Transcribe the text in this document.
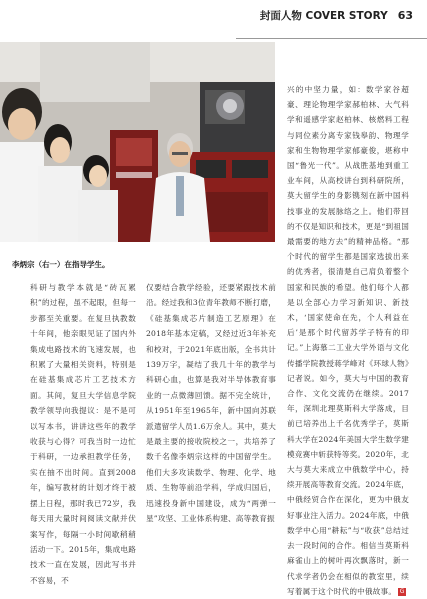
封面人物 COVER STORY 63
李炳宗（右一）在指导学生。
科研与教学本就是“砖瓦累积”的过程，虽不起眼，但每一步都至关重要。在复旦执教数十年间，他亲眼见证了国内外集成电路技术的飞速发展，也积累了大量相关资料，特别是在硅基集成芯片工艺技术方面。其间，复旦大学信息学院教学领导向我提议：是不是可以写本书，讲讲这些年的教学收获与心得？可我当时一边忙于科研，一边承担教学任务，实在抽不出时间。直到2008年，编写教材的计划才终于被摆上日程，那时我已72岁，我每天用大量时间阅读文献并伏案写作，每隔一小时间歇稍稍活动一下。2015年，集成电路技术一直在发展，因此写书并不容易，不
仅要结合教学经验，还要紧跟技术前沿。经过我和3位青年教师不断打磨，《硅基集成芯片制造工艺原理》在2018年基本定稿，又经过近3年补充和校对，于2021年底出版，全书共计139万字，凝结了我几十年的教学与科研心血，也算是我对半导体教育事业的一点微薄回馈。据不完全统计，从1951年至1965年，新中国向苏联派遣留学人员1.6万余人。其中，莫大是最主要的接收院校之一，共培养了数千名像李炳宗这样的中国留学生。他们大多攻读数学、物理、化学、地质、生物等前沿学科，学成归国后，迅速投身新中国建设，成为“两弹一星”攻坚、工业体系构建、高等教育振
兴的中坚力量，如：数学家谷超豪、理论物理学家郝柏林、大气科学和遥感学家赵柏林、核燃料工程与同位素分离专家钱皋韵、物理学家和生物物理学家郁豪俊，堪称中国“鲁光一代”。从战胜基地到重工业车间，从高校讲台到科研院所，莫大留学生的身影镌刻在新中国科技事业的发展脉络之上。他们带回的不仅是知识和技术，更是“到祖国最需要的地方去”的精神品格。“那个时代的留学生都是国家选拔出来的优秀者，很清楚自己肩负着整个国家和民族的希望。他们每个人都是以全部心力学习新知识、新技术，‘国家使命在先，个人利益在后’是那个时代留苏学子特有的印记。”上海慕二工业大学外语与文化传播学院教授蒋学峰对《环球人物》记者说。如今，莫大与中国的教育合作、文化交流仍在继续。2017年，深圳北理莫斯科大学落成，目前已培养出上千名优秀学子，莫斯科大学在2024年美国大学生数学建模竞赛中斩获特等奖。2020年，北大与莫大来成立中俄数学中心，持续开展高等教育交流。2024年底，中俄经贸合作在深化，更为中俄友好事业注入活力。2024年底，中俄数学中心用“耕耘”与“收获”总结过去一段时间的合作。相信当莫斯科麻雀山上的树叶再次飘落时，新一代求学者仍会在相似的教室里，续写着属于这个时代的中俄故事。 G
